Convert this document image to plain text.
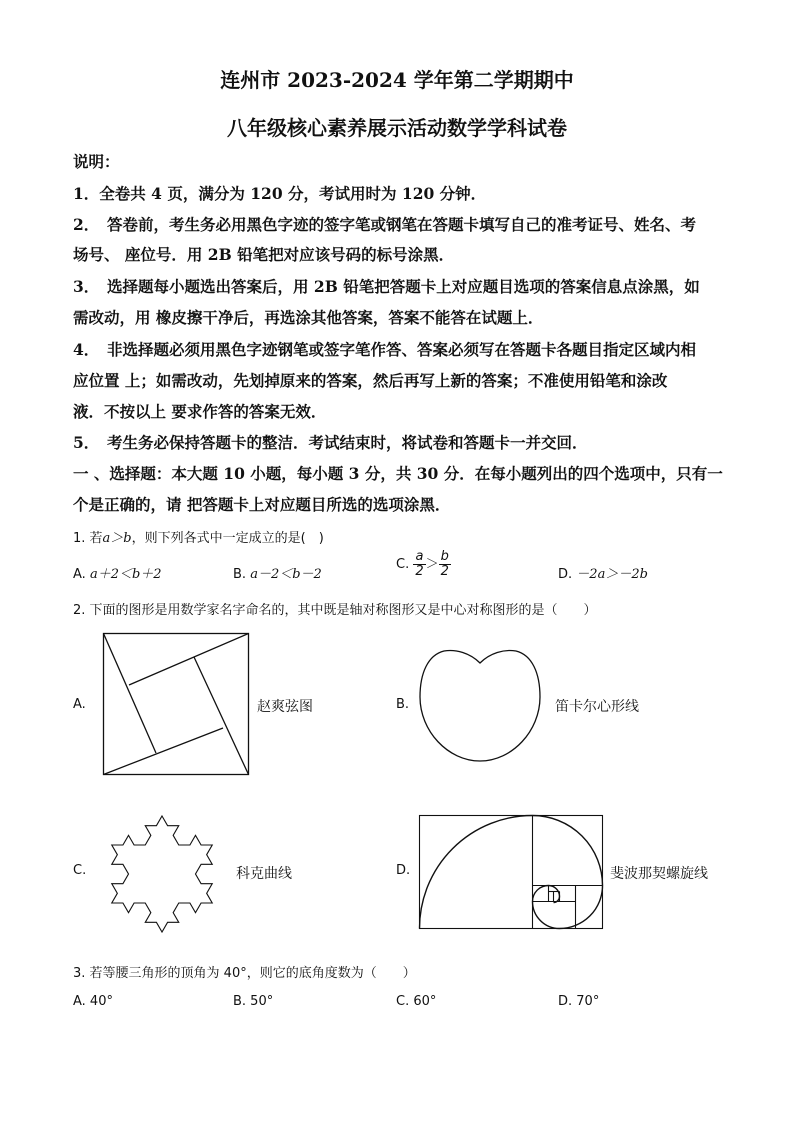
连州市 2023-2024 学年第二学期期中
八年级核心素养展示活动数学学科试卷
说明：
1．全卷共 4 页，满分为 120 分，考试用时为 120 分钟．
2．　答卷前，考生务必用黑色字迹的签字笔或钢笔在答题卡填写自己的准考证号、姓名、考
场号、 座位号．用 2B 铅笔把对应该号码的标号涂黑．
3．　选择题每小题选出答案后，用 2B 铅笔把答题卡上对应题目选项的答案信息点涂黑，如
需改动，用 橡皮擦干净后，再选涂其他答案，答案不能答在试题上．
4．　非选择题必须用黑色字迹钢笔或签字笔作答、答案必须写在答题卡各题目指定区域内相
应位置 上；如需改动，先划掉原来的答案，然后再写上新的答案；不准使用铅笔和涂改
液．不按以上 要求作答的答案无效．
5．　考生务必保持答题卡的整洁．考试结束时，将试卷和答题卡一并交回．
一 、选择题：本大题 10 小题，每小题 3 分，共 30 分．在每小题列出的四个选项中，只有一
个是正确的，请 把答题卡上对应题目所选的选项涂黑．
1. 若a＞b，则下列各式中一定成立的是(　)
A. a＋2＜b＋2	B. a－2＜b－2
C. $\frac{a}{2} > \frac{b}{2}$	D. －2a＞－2b
2. 下面的图形是用数学家名字命名的，其中既是轴对称图形又是中心对称图形的是（　　）
A.	赵爽弦图	B.	笛卡尔心形线
C.	科克曲线	D.	斐波那契螺旋线
3. 若等腰三角形的顶角为 40°，则它的底角度数为（　　）
A. 40°	B. 50°	C. 60°	D. 70°
